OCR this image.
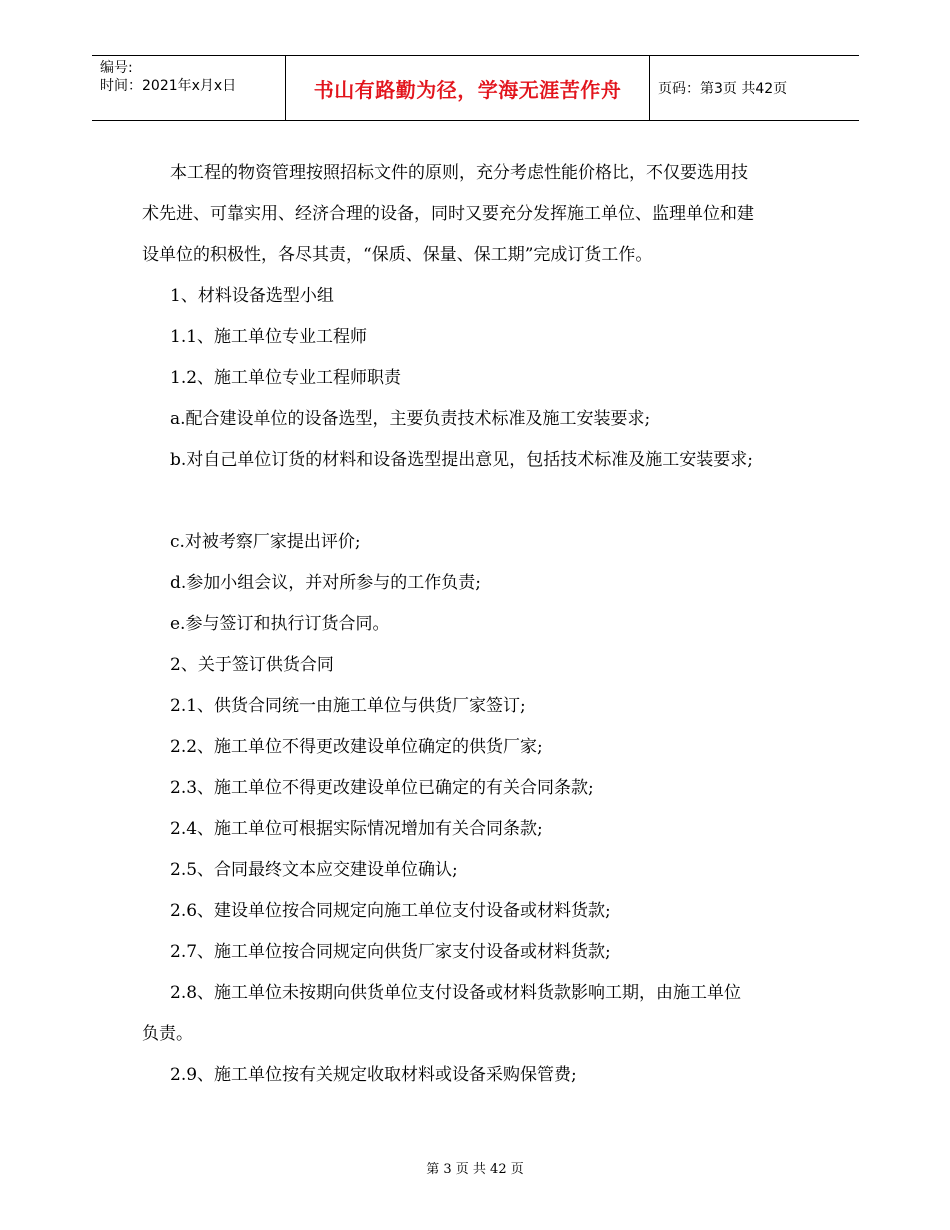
编号:
时间：2021年x月x日	书山有路勤为径，学海无涯苦作舟	页码：第3页 共42页

本工程的物资管理按照招标文件的原则，充分考虑性能价格比，不仅要选用技

术先进、可靠实用、经济合理的设备，同时又要充分发挥施工单位、监理单位和建

设单位的积极性，各尽其责，“保质、保量、保工期”完成订货工作。

1、材料设备选型小组

1.1、施工单位专业工程师

1.2、施工单位专业工程师职责

a.配合建设单位的设备选型，主要负责技术标准及施工安装要求;

b.对自己单位订货的材料和设备选型提出意见，包括技术标准及施工安装要求;

c.对被考察厂家提出评价;

d.参加小组会议，并对所参与的工作负责;

e.参与签订和执行订货合同。

2、关于签订供货合同

2.1、供货合同统一由施工单位与供货厂家签订;

2.2、施工单位不得更改建设单位确定的供货厂家;

2.3、施工单位不得更改建设单位已确定的有关合同条款;

2.4、施工单位可根据实际情况增加有关合同条款;

2.5、合同最终文本应交建设单位确认;

2.6、建设单位按合同规定向施工单位支付设备或材料货款;

2.7、施工单位按合同规定向供货厂家支付设备或材料货款;

2.8、施工单位未按期向供货单位支付设备或材料货款影响工期，由施工单位

负责。

2.9、施工单位按有关规定收取材料或设备采购保管费;

第 3 页 共 42 页
